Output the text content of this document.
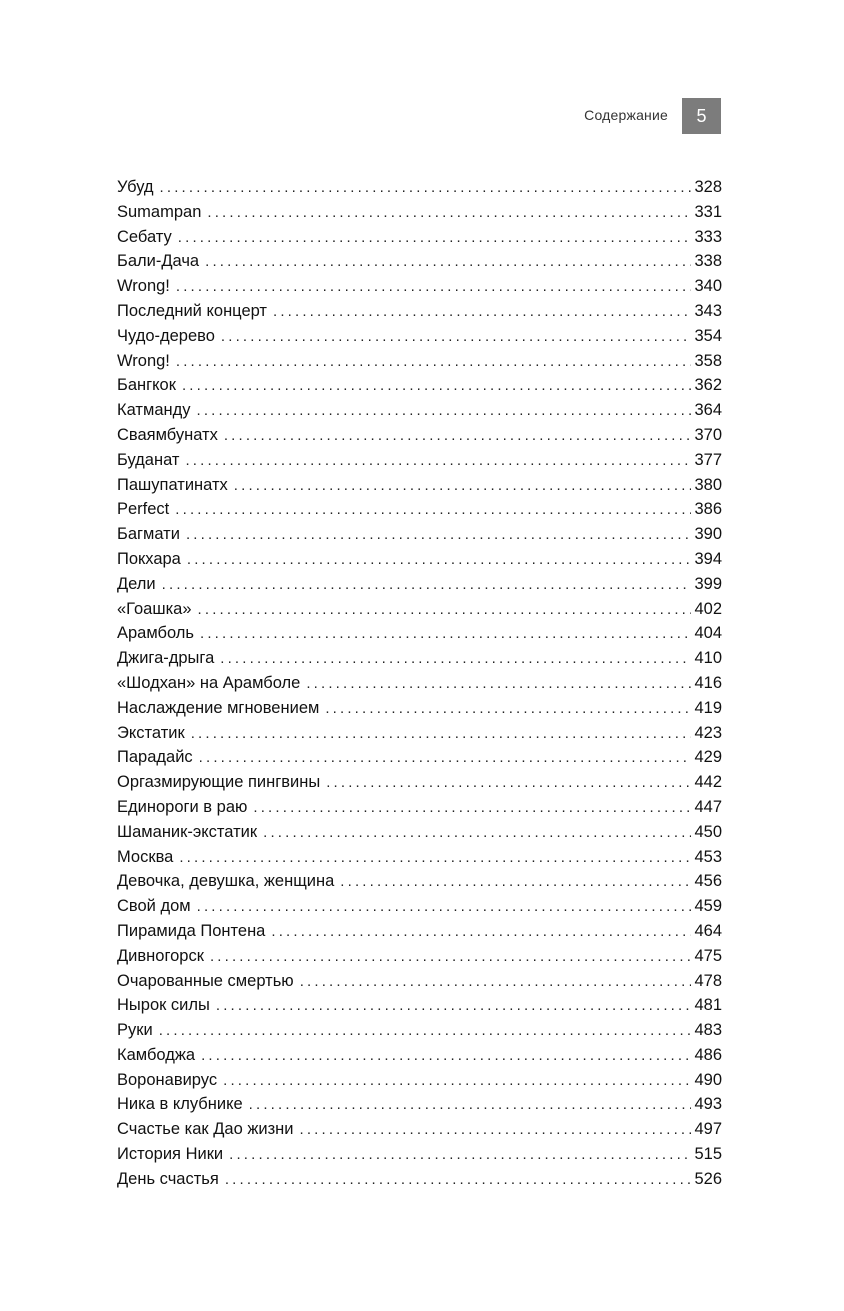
Содержание 5
Убуд . . .	328
Sumampan . . .	331
Себату . . .	333
Бали-Дача . . .	338
Wrong! . . .	340
Последний концерт . . .	343
Чудо-дерево . . .	354
Wrong! . . .	358
Бангкок . . .	362
Катманду . . .	364
Сваямбунатх . . .	370
Буданат . . .	377
Пашупатинатх . . .	380
Perfect . . .	386
Багмати . . .	390
Покхара . . .	394
Дели . . .	399
«Гоашка» . . .	402
Арамболь . . .	404
Джига-дрыга . . .	410
«Шодхан» на Арамболе . . .	416
Наслаждение мгновением . . .	419
Экстатик . . .	423
Парадайс . . .	429
Оргазмирующие пингвины . . .	442
Единороги в раю . . .	447
Шаманик-экстатик . . .	450
Москва . . .	453
Девочка, девушка, женщина . . .	456
Свой дом . . .	459
Пирамида Понтена . . .	464
Дивногорск . . .	475
Очарованные смертью . . .	478
Нырок силы . . .	481
Руки . . .	483
Камбоджа . . .	486
Воронавирус . . .	490
Ника в клубнике . . .	493
Счастье как Дао жизни . . .	497
История Ники . . .	515
День счастья . . .	526
